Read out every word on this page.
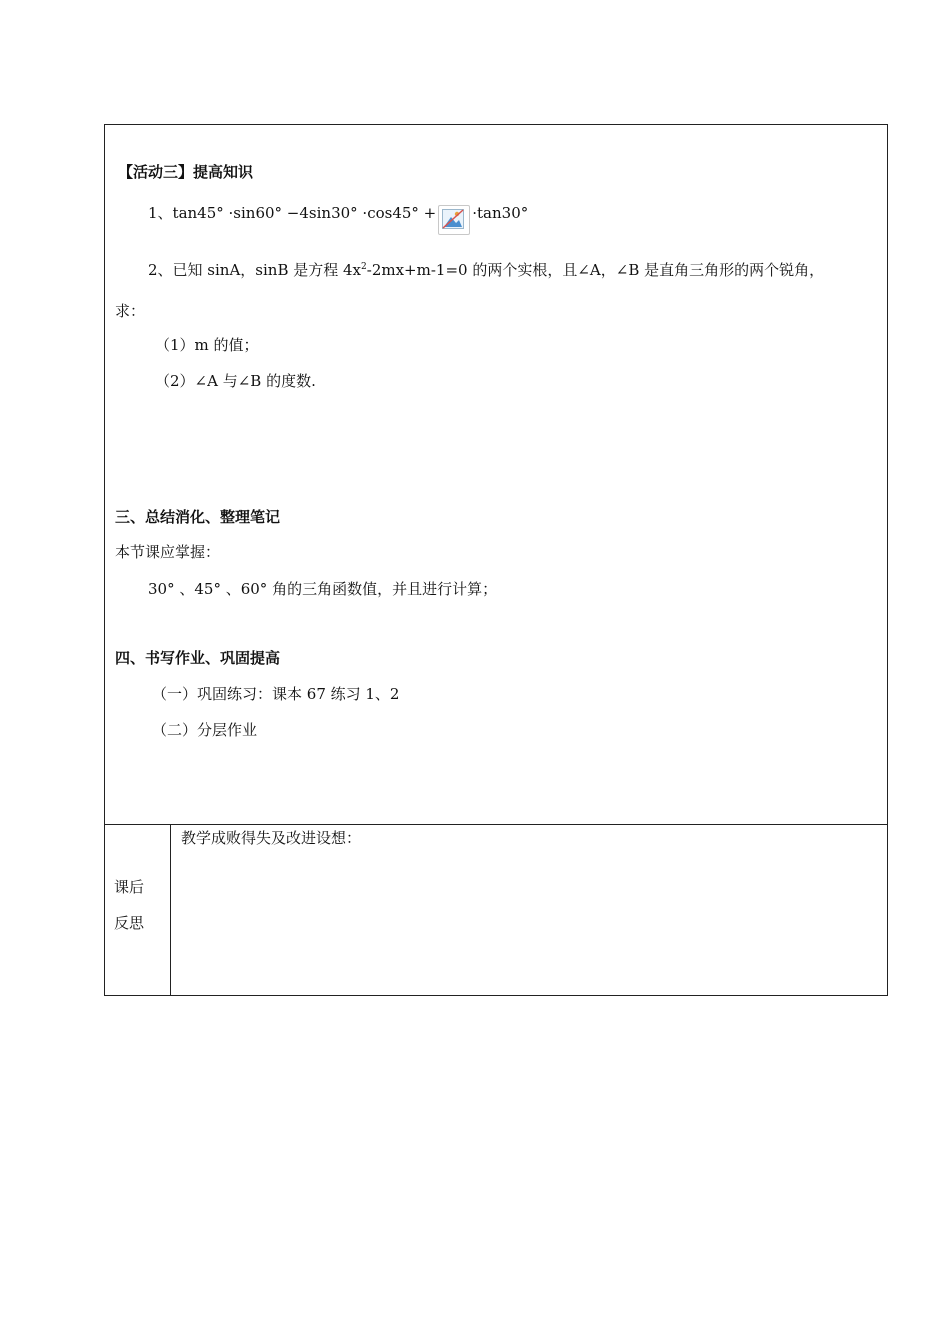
【活动三】提高知识
1、tan45° ·sin60° −4sin30° ·cos45° + ·tan30°
2、已知 sinA，sinB 是方程 $4x^2-2mx+m-1=0$ 的两个实根，且∠A，∠B 是直角三角形的两个锐角，
求：
（1）m 的值；
（2）∠A 与∠B 的度数.
三、总结消化、整理笔记
本节课应掌握：
30° 、45° 、60° 角的三角函数值，并且进行计算；
四、书写作业、巩固提高
（一）巩固练习：课本 67 练习 1、2
（二）分层作业
课后
反思
教学成败得失及改进设想：
